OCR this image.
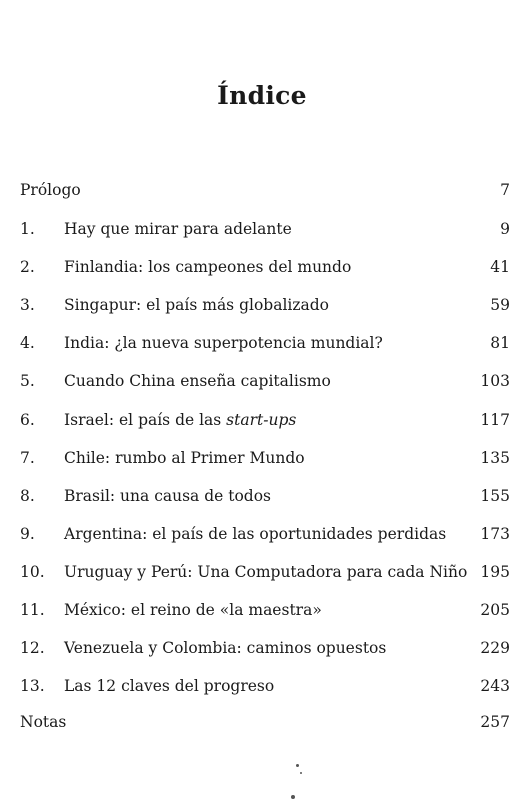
Índice
Prólogo	7
1. Hay que mirar para adelante	9
2. Finlandia: los campeones del mundo	41
3. Singapur: el país más globalizado	59
4. India: ¿la nueva superpotencia mundial?	81
5. Cuando China enseña capitalismo	103
6. Israel: el país de las start-ups	117
7. Chile: rumbo al Primer Mundo	135
8. Brasil: una causa de todos	155
9. Argentina: el país de las oportunidades perdidas	173
10. Uruguay y Perú: Una Computadora para cada Niño 195
11. México: el reino de «la maestra»	205
12. Venezuela y Colombia: caminos opuestos	229
13. Las 12 claves del progreso	243
Notas	257
